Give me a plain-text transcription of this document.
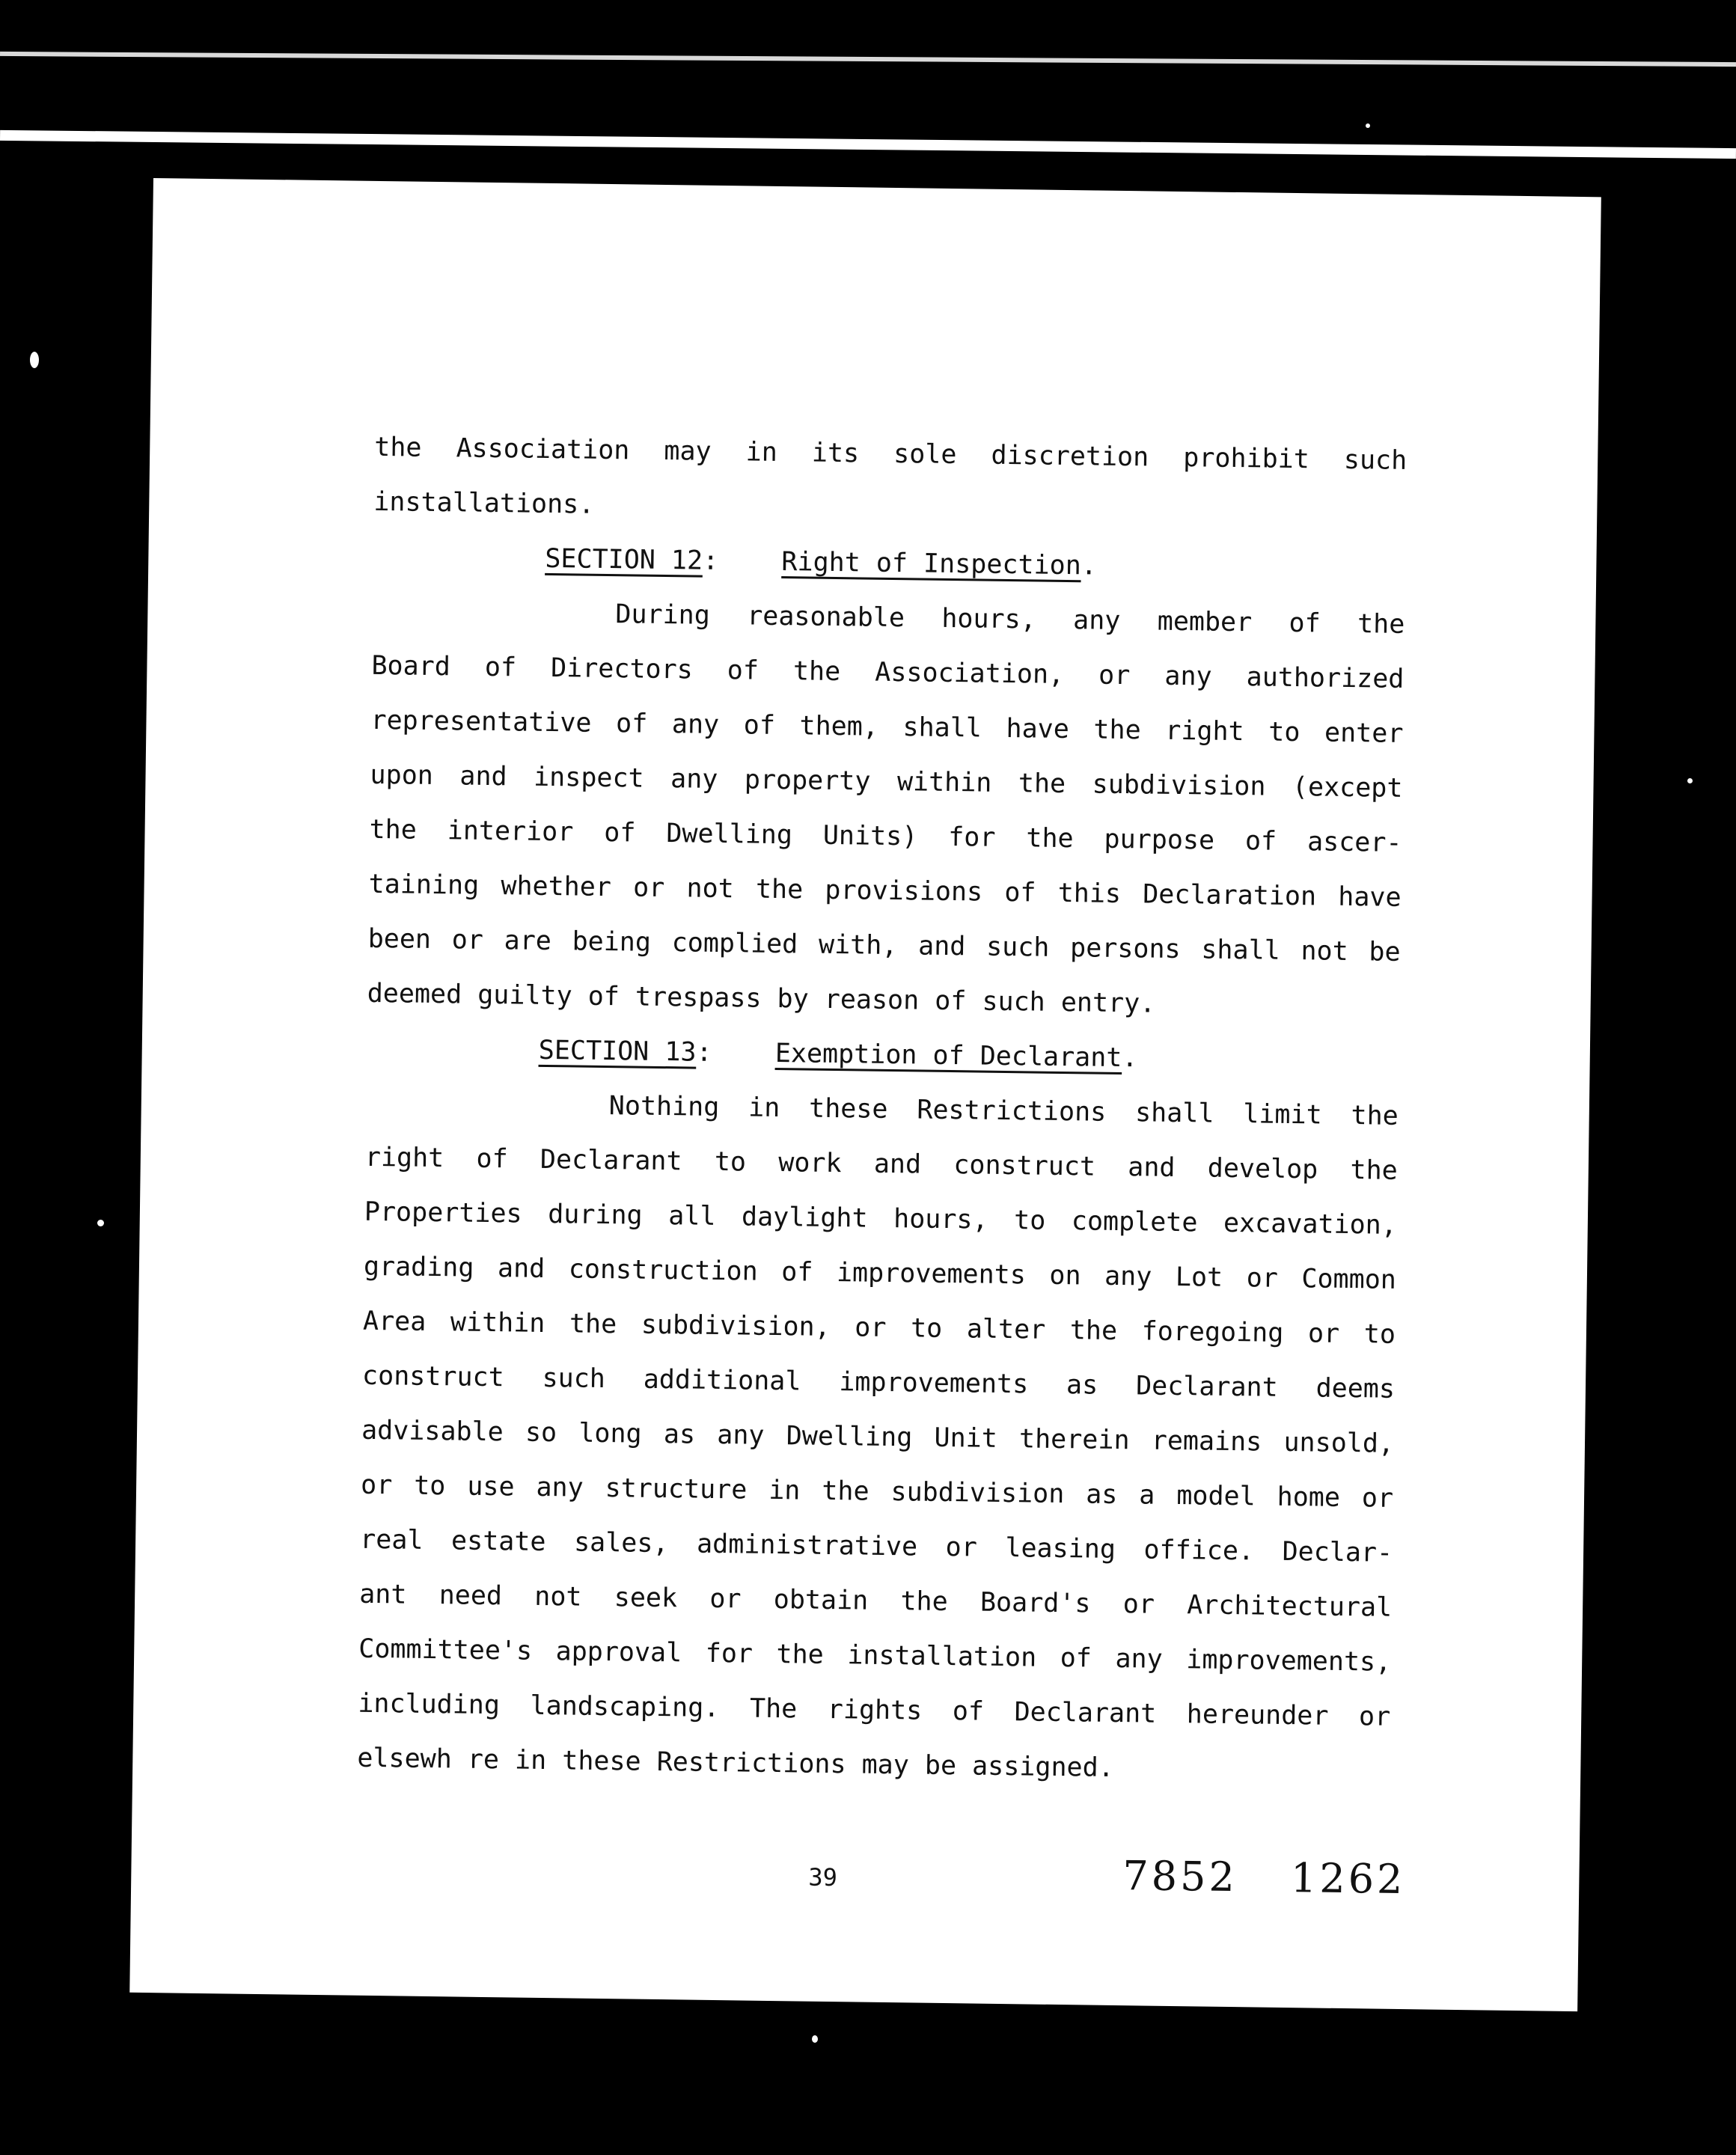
the Association may in its sole discretion prohibit such
installations.
SECTION 12: Right of Inspection.
During reasonable hours, any member of the
Board of Directors of the Association, or any authorized
representative of any of them, shall have the right to enter
upon and inspect any property within the subdivision (except
the interior of Dwelling Units) for the purpose of ascer-
taining whether or not the provisions of this Declaration have
been or are being complied with, and such persons shall not be
deemed guilty of trespass by reason of such entry.
SECTION 13: Exemption of Declarant.
Nothing in these Restrictions shall limit the
right of Declarant to work and construct and develop the
Properties during all daylight hours, to complete excavation,
grading and construction of improvements on any Lot or Common
Area within the subdivision, or to alter the foregoing or to
construct such additional improvements as Declarant deems
advisable so long as any Dwelling Unit therein remains unsold,
or to use any structure in the subdivision as a model home or
real estate sales, administrative or leasing office. Declar-
ant need not seek or obtain the Board's or Architectural
Committee's approval for the installation of any improvements,
including landscaping. The rights of Declarant hereunder or
elsewh re in these Restrictions may be assigned.
39	7852 1262
